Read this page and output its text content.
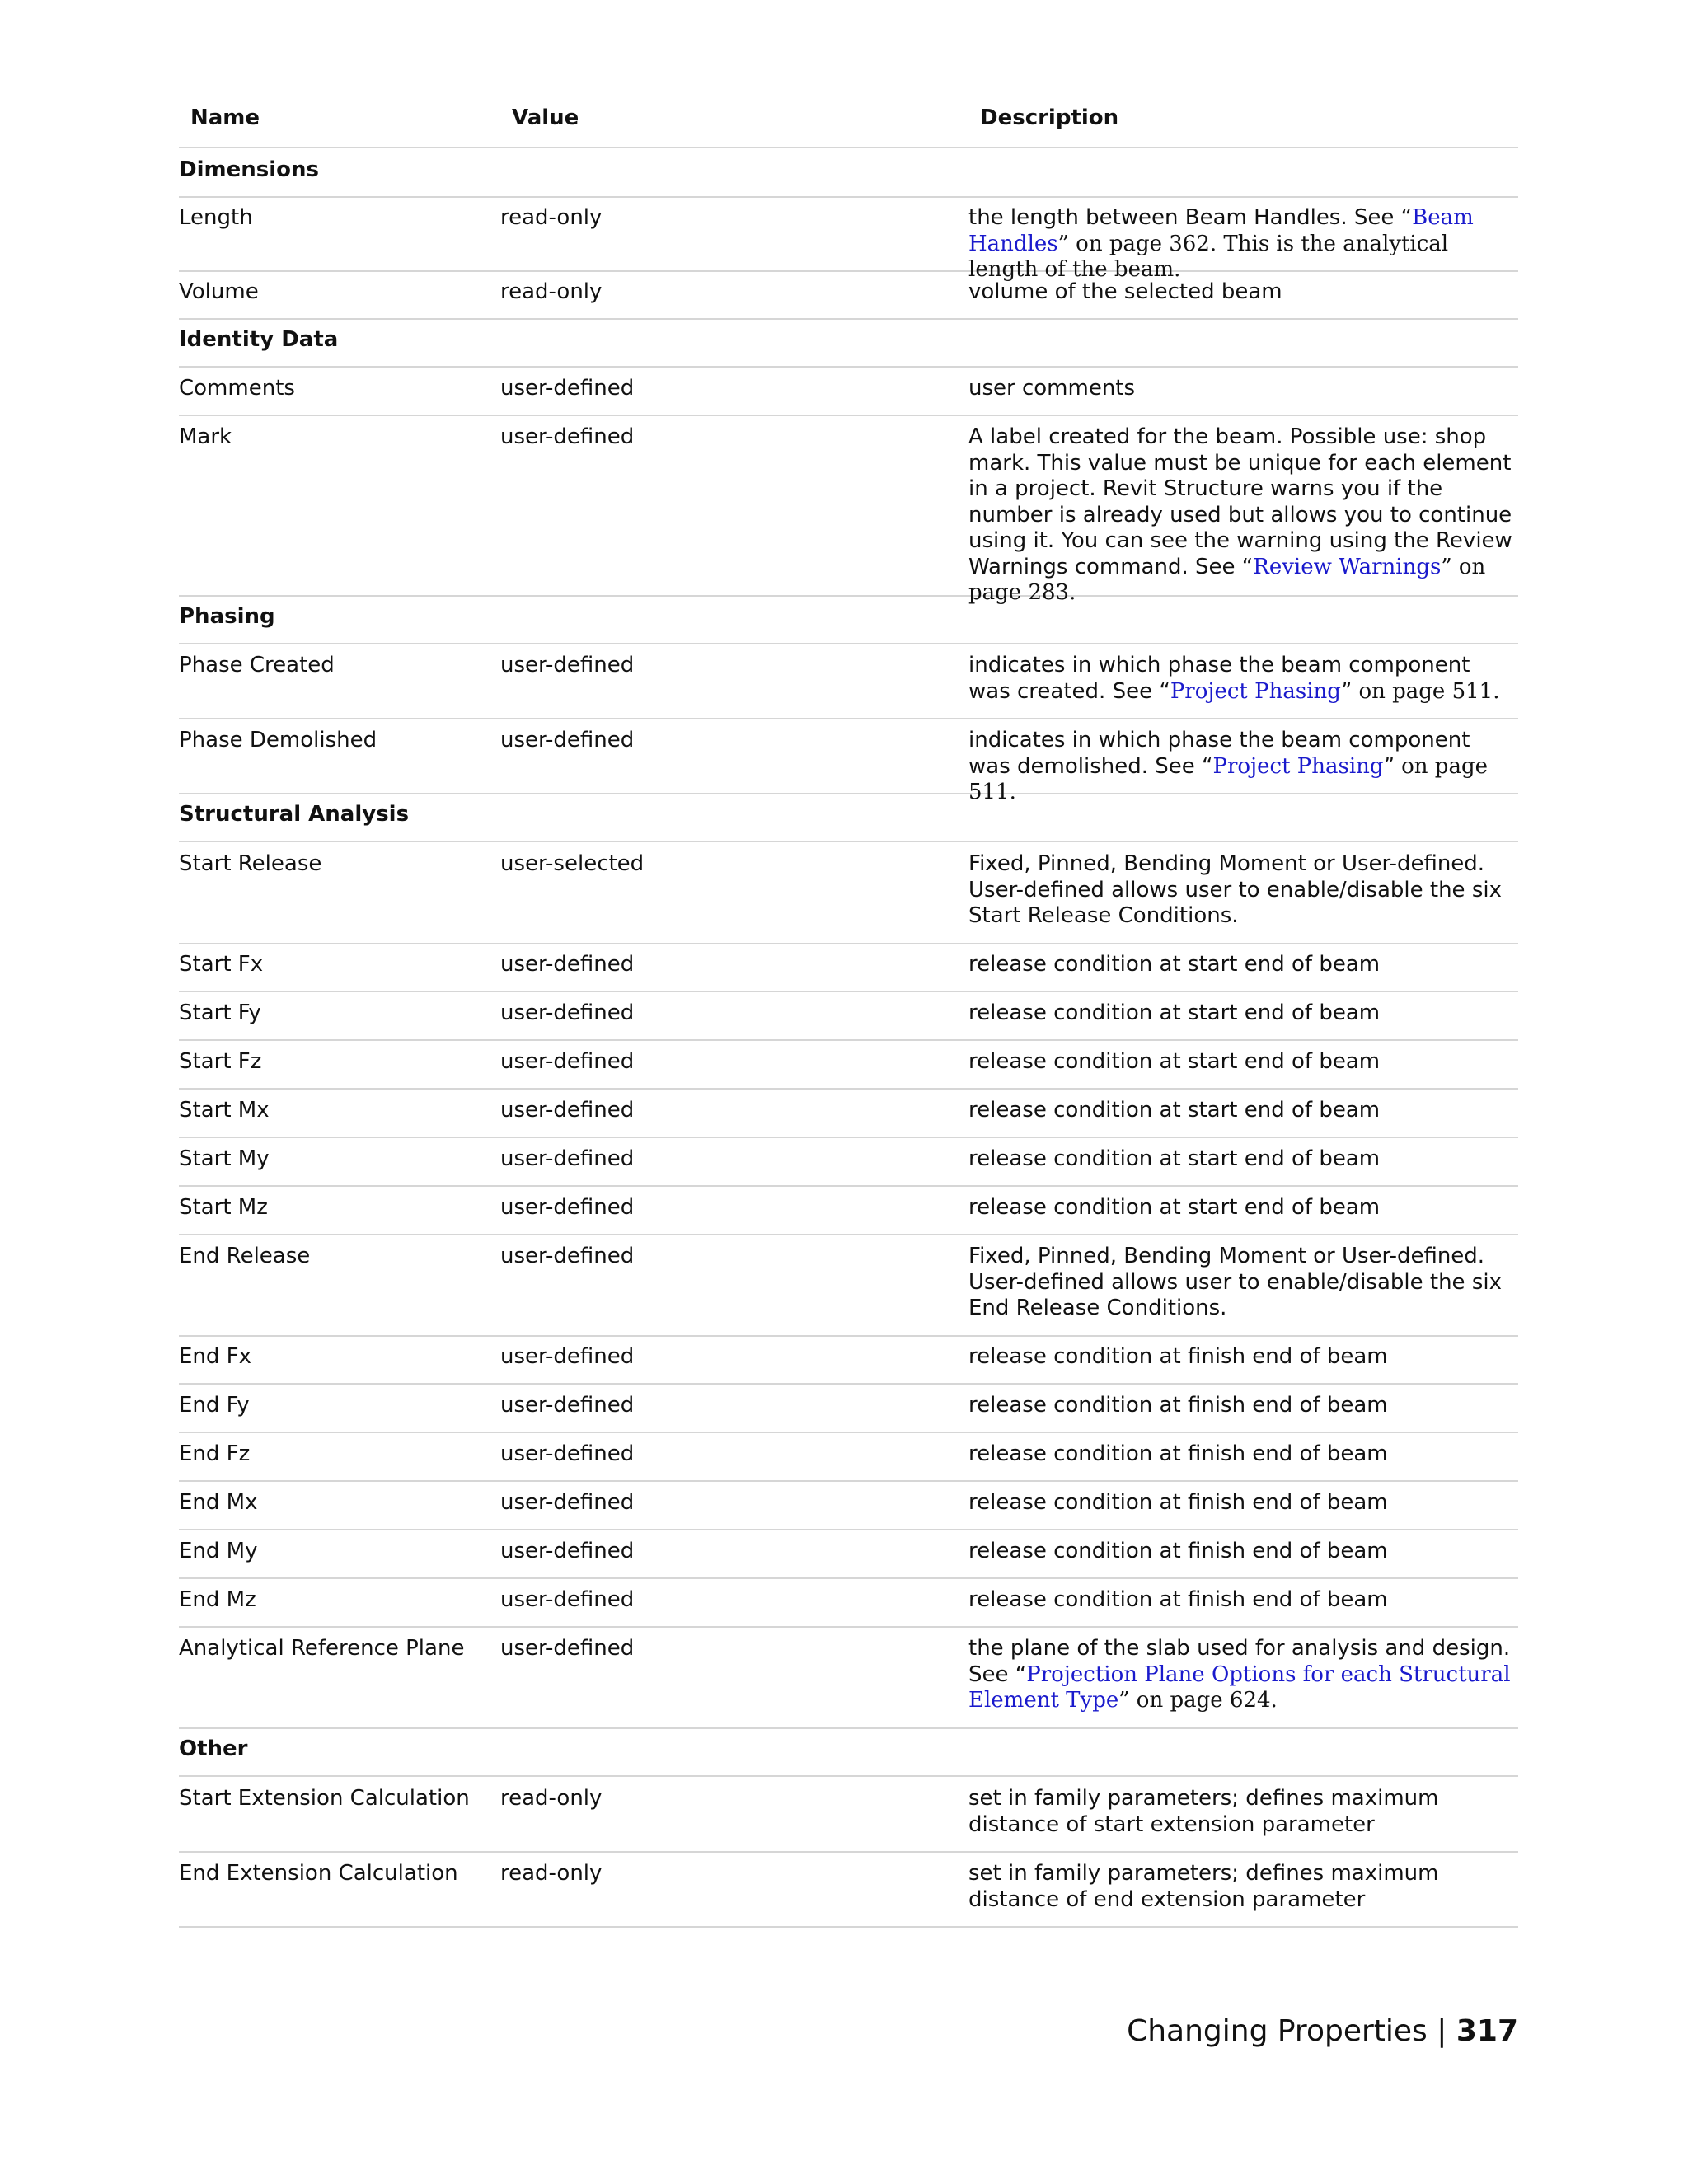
Name	Value	Description
Dimensions
Length	read-only	the length between Beam Handles. See “Beam Handles” on page 362. This is the analytical length of the beam.
Volume	read-only	volume of the selected beam
Identity Data
Comments	user-defined	user comments
Mark	user-defined	A label created for the beam. Possible use: shop mark. This value must be unique for each element in a project. Revit Structure warns you if the number is already used but allows you to continue using it. You can see the warning using the Review Warnings command. See “Review Warnings” on page 283.
Phasing
Phase Created	user-defined	indicates in which phase the beam component was created. See “Project Phasing” on page 511.
Phase Demolished	user-defined	indicates in which phase the beam component was demolished. See “Project Phasing” on page 511.
Structural Analysis
Start Release	user-selected	Fixed, Pinned, Bending Moment or User-defined. User-defined allows user to enable/disable the six Start Release Conditions.
Start Fx	user-defined	release condition at start end of beam
Start Fy	user-defined	release condition at start end of beam
Start Fz	user-defined	release condition at start end of beam
Start Mx	user-defined	release condition at start end of beam
Start My	user-defined	release condition at start end of beam
Start Mz	user-defined	release condition at start end of beam
End Release	user-defined	Fixed, Pinned, Bending Moment or User-defined. User-defined allows user to enable/disable the six End Release Conditions.
End Fx	user-defined	release condition at finish end of beam
End Fy	user-defined	release condition at finish end of beam
End Fz	user-defined	release condition at finish end of beam
End Mx	user-defined	release condition at finish end of beam
End My	user-defined	release condition at finish end of beam
End Mz	user-defined	release condition at finish end of beam
Analytical Reference Plane	user-defined	the plane of the slab used for analysis and design. See “Projection Plane Options for each Structural Element Type” on page 624.
Other
Start Extension Calculation	read-only	set in family parameters; defines maximum distance of start extension parameter
End Extension Calculation	read-only	set in family parameters; defines maximum distance of end extension parameter
Changing Properties | 317
